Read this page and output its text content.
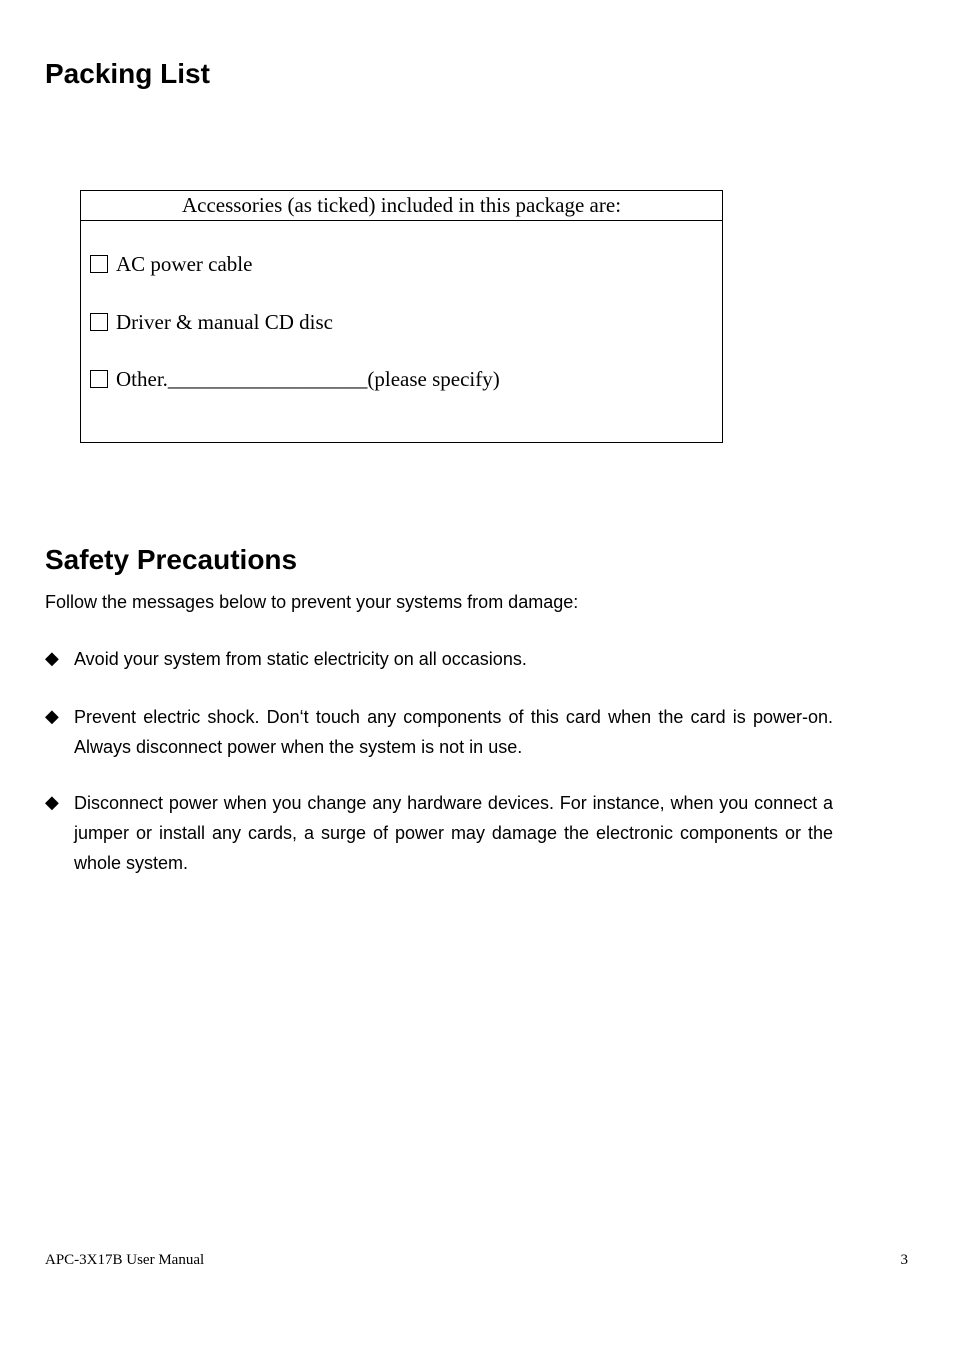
Packing List
Accessories (as ticked) included in this package are:
AC power cable
Driver & manual CD disc
Other.___________________(please specify)
Safety Precautions

Follow the messages below to prevent your systems from damage:

◆ Avoid your system from static electricity on all occasions.
◆ Prevent electric shock. Don‘t touch any components of this card when the card is power-on. Always disconnect power when the system is not in use.
◆ Disconnect power when you change any hardware devices. For instance, when you connect a jumper or install any cards, a surge of power may damage the electronic components or the whole system.
APC-3X17B User Manual	3
